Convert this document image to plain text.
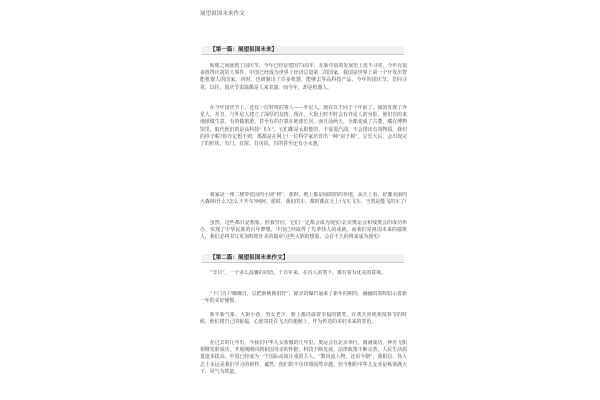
展望祖国未来作文
【第一篇：展望祖国未来】

转眼之间就到了国庆节，今年已经是建国73周年，在新中国的发展史上很不寻常，今年有很多值得庆祝的大事件，中国已经成为世界上经济总量第二的国家，我国是世界上第一个开发出智能机器人的国家。同时，也研制出了许多机器，能够去等高科技产品，今年的国庆节，非同寻常，以往，国庆节表演都是人来表演，而今年，却是机器人。

在今年国庆节上，还有一位特殊的客人——外星人，现在以不同于十年前了，我国发现了外星人，并且，与外星人建立了深厚的友情，现在，大街上时不时会有外星人的身影，他们有的来地球做生意，有的做旅游，甚至有的打算在地球长居，而且前两天，全都变成了古董，藏在博物馆里，取代他们的是高科技“飞车”，它们都是太阳能的，不需要汽油，不会排出有毒物质，我们的停子呢?你肯定想不到，那都是在网上!一位科学家培育出一种“房子树”，它长大后，会出现完了的形状，有门、有窗、有房顶，有的甚至还有小水池。

我家是一座二楼带花园的小别“树”，那时，地上都是绿荫荫的草地，从天上看，好像美丽的大森林!什么?怎么不开车?呵呵，那时，我们的车，都时都在天上!飞车飞车，当然是能飞的车了!

虽然，这些都只是想象，但我坚信，它们一定都会成为现实!北京奥运会和残奥会的成功举办，实现了中华民族的百年梦想，中国已经取得了先辈伟人的成就，而我们是祖国未来的接班人，我们必将书写更加辉煌壮美的篇章!这些大胆的想象，会在不久的将来成为现实!

【第二篇：展望祖国未来作文】

“节日”，一个多么温馨的词语，千百年来，在诗人的笔下，都有着有优美的意境。

“千门万户曈曈日，总把新桃换旧符”，除夕的爆竹逼来了新年的期待，融融的春晖暗示着新一年的美好憧憬。

新年新气象，大街小巷，男女老少，脸上都洋溢着幸福的微笑，在欢天喜地欢度春节的时候，他们将自己的祝福，心愿寄托在飞天的翅膀上，作为传送的美好未来的寄语。

在过去的几年里，今我们中华儿女骄傲的几年里，奥运会在北京举行，圆满成功，神舟飞船相继发射成功，开展刚刚回到祖国母亲的怀抱，科技不断发展，法律政策不断完善，人民生活质量逐步提高，中国已经成为一个国际高度注重的主人、“数风流人物，还看今朝”，我相信，伟人志士永远是我们学习的榜样，诚然，他们的丰功伟绩固然卓越，但今朝的中华儿女亦是栋梁满天下，风气为铁量。
